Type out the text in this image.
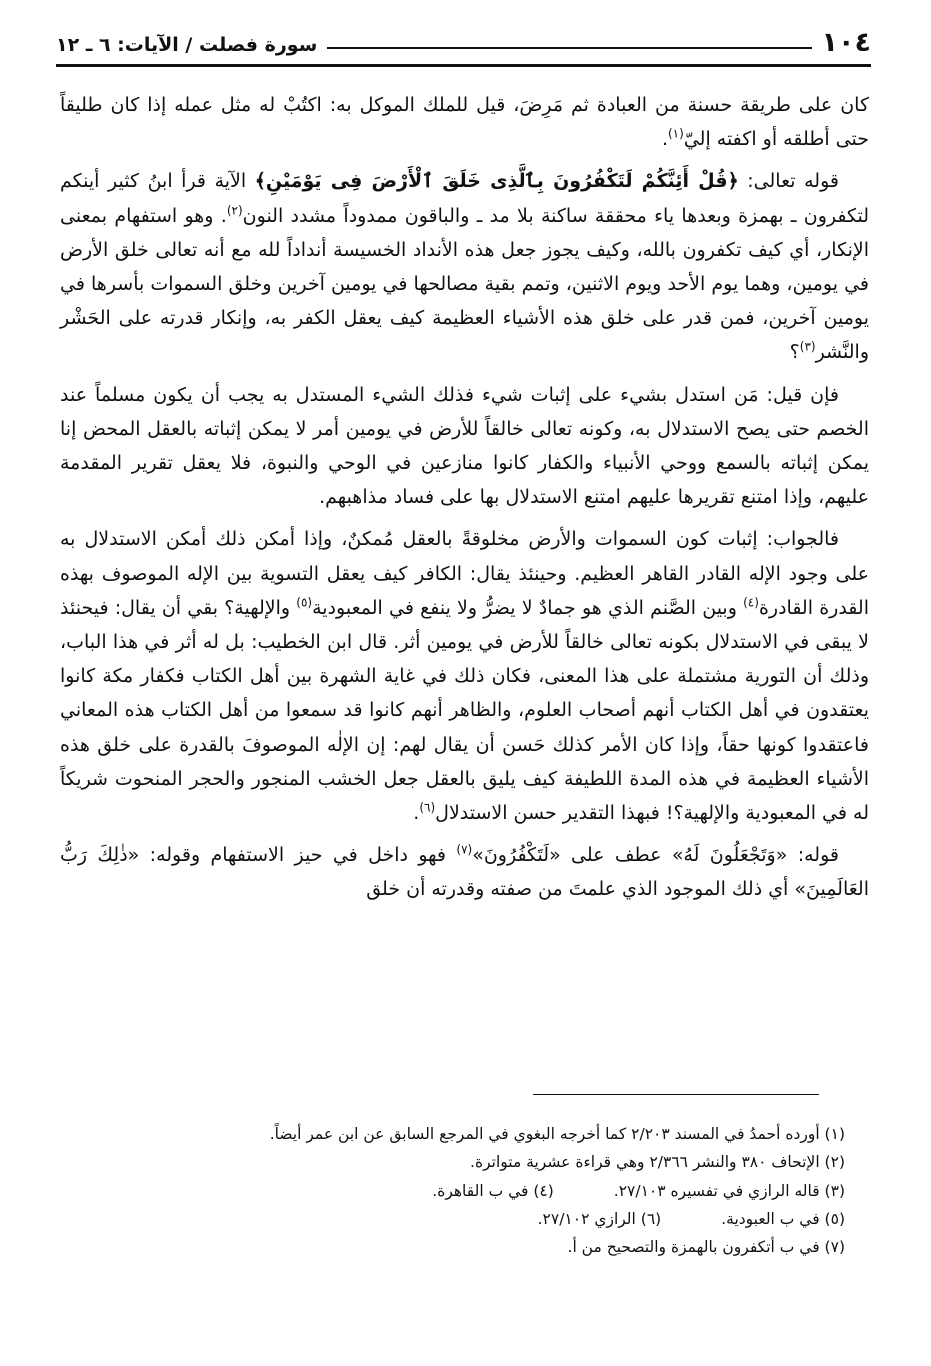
١٠٤
سورة فصلت / الآيات: ٦ ـ ١٢

كان على طريقة حسنة من العبادة ثم مَرِضَ، قيل للملك الموكل به: اكتُبْ له مثل عمله إذا كان طليقاً حتى أطلقه أو اكفته إليّ$^{(١)}$.

قوله تعالى: ﴿قُلْ أَئِنَّكُمْ لَتَكْفُرُونَ بِٱلَّذِى خَلَقَ ٱلْأَرْضَ فِى يَوْمَيْنِ﴾ الآية قرأ ابنُ كثير أينكم لتكفرون ـ بهمزة وبعدها ياء محققة ساكنة بلا مد ـ والباقون ممدوداً مشدد النون$^{(٢)}$. وهو استفهام بمعنى الإنكار، أي كيف تكفرون بالله، وكيف يجوز جعل هذه الأنداد الخسيسة أنداداً لله مع أنه تعالى خلق الأرض في يومين، وهما يوم الأحد ويوم الاثنين، وتمم بقية مصالحها في يومين آخرين وخلق السموات بأسرها في يومين آخرين، فمن قدر على خلق هذه الأشياء العظيمة كيف يعقل الكفر به، وإنكار قدرته على الحَشْر والنَّشر$^{(٣)}$؟

فإن قيل: مَن استدل بشيء على إثبات شيء فذلك الشيء المستدل به يجب أن يكون مسلماً عند الخصم حتى يصح الاستدلال به، وكونه تعالى خالقاً للأرض في يومين أمر لا يمكن إثباته بالعقل المحض إنا يمكن إثباته بالسمع ووحي الأنبياء والكفار كانوا منازعين في الوحي والنبوة، فلا يعقل تقرير المقدمة عليهم، وإذا امتنع تقريرها عليهم امتنع الاستدلال بها على فساد مذاهبهم.

فالجواب: إثبات كون السموات والأرض مخلوقةً بالعقل مُمكنٌ، وإذا أمكن ذلك أمكن الاستدلال به على وجود الإله القادر القاهر العظيم. وحينئذ يقال: الكافر كيف يعقل التسوية بين الإله الموصوف بهذه القدرة القادرة$^{(٤)}$ وبين الصَّنم الذي هو جمادٌ لا يضرُّ ولا ينفع في المعبودية$^{(٥)}$ والإلهية؟ بقي أن يقال: فيحنئذ لا يبقى في الاستدلال بكونه تعالى خالقاً للأرض في يومين أثر. قال ابن الخطيب: بل له أثر في هذا الباب، وذلك أن التورية مشتملة على هذا المعنى، فكان ذلك في غاية الشهرة بين أهل الكتاب فكفار مكة كانوا يعتقدون في أهل الكتاب أنهم أصحاب العلوم، والظاهر أنهم كانوا قد سمعوا من أهل الكتاب هذه المعاني فاعتقدوا كونها حقاً، وإذا كان الأمر كذلك حَسن أن يقال لهم: إن الإلٰه الموصوفَ بالقدرة على خلق هذه الأشياء العظيمة في هذه المدة اللطيفة كيف يليق بالعقل جعل الخشب المنجور والحجر المنحوت شريكاً له في المعبودية والإلهية؟! فبهذا التقدير حسن الاستدلال$^{(٦)}$.

قوله: «وَتَجْعَلُونَ لَهُ» عطف على «لَتَكْفُرُونَ»$^{(٧)}$ فهو داخل في حيز الاستفهام وقوله: «ذٰلِكَ رَبُّ العَالَمِينَ» أي ذلك الموجود الذي علمتَ من صفته وقدرته أن خلق

(١) أورده أحمدُ في المسند ٢/٢٠٣ كما أخرجه البغوي في المرجع السابق عن ابن عمر أيضاً.
(٢) الإتحاف ٣٨٠ والنشر ٢/٣٦٦ وهي قراءة عشرية متواترة.
(٣) قاله الرازي في تفسيره ٢٧/١٠٣.
(٤) في ب القاهرة.
(٥) في ب العبودية.
(٦) الرازي ٢٧/١٠٢.
(٧) في ب أتكفرون بالهمزة والتصحيح من أ.
